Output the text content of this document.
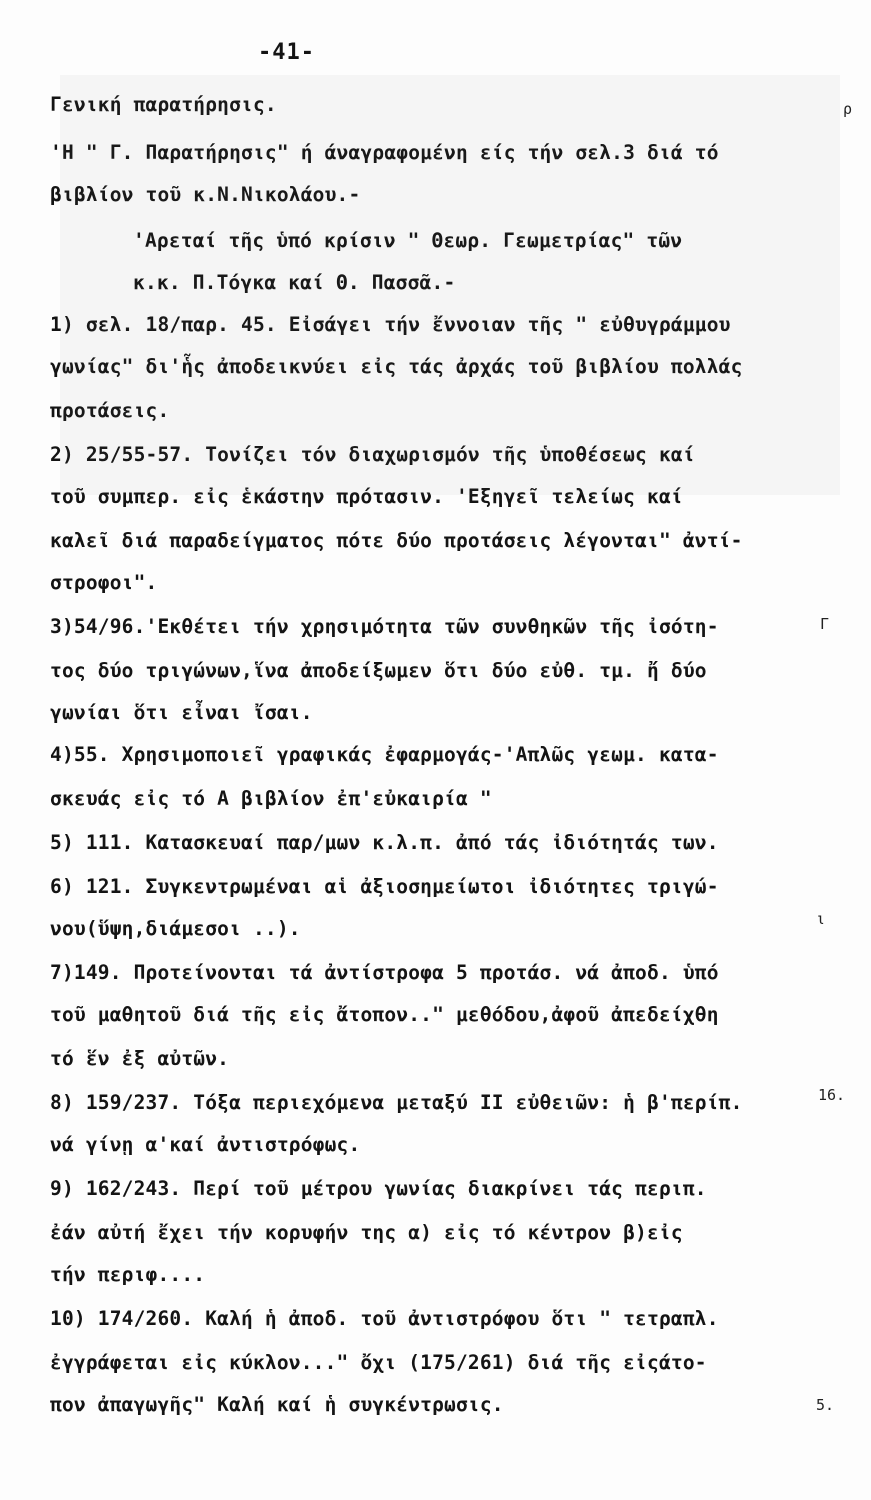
-41-
Γενική παρατήρησις.
'Η " Γ. Παρατήρησις" ή άναγραφομένη είς τήν σελ.3 διά τό
βιβλίον τοῦ κ.Ν.Νικολάου.-
'Αρεταί τῆς ὑπό κρίσιν " Θεωρ. Γεωμετρίας" τῶν
κ.κ. Π.Τόγκα καί Θ. Πασσᾶ.-
1) σελ. 18/παρ. 45. Εἰσάγει τήν ἔννοιαν τῆς " εὐθυγράμμου
γωνίας" δι'ἧς ἀποδεικνύει εἰς τάς ἀρχάς τοῦ βιβλίου πολλάς
προτάσεις.
2) 25/55-57. Τονίζει τόν διαχωρισμόν τῆς ὑποθέσεως καί
τοῦ συμπερ. εἰς ἑκάστην πρότασιν. 'Εξηγεῖ τελείως καί
καλεῖ διά παραδείγματος πότε δύο προτάσεις λέγονται" ἀντί-
στροφοι".
3)54/96.'Εκθέτει τήν χρησιμότητα τῶν συνθηκῶν τῆς ἰσότη-
τος δύο τριγώνων,ἵνα ἀποδείξωμεν ὅτι δύο εὐθ. τμ. ἤ δύο
γωνίαι ὅτι εἶναι ἴσαι.
4)55. Χρησιμοποιεῖ γραφικάς ἐφαρμογάς-'Απλῶς γεωμ. κατα-
σκευάς εἰς τό Α βιβλίον ἐπ'εὐκαιρία "
5) 111. Κατασκευαί παρ/μων κ.λ.π. ἀπό τάς ἰδιότητάς των.
6) 121. Συγκεντρωμέναι αἱ ἀξιοσημείωτοι ἰδιότητες τριγώ-
νου(ὕψη,διάμεσοι ..).
7)149. Προτείνονται τά ἀντίστροφα 5 προτάσ. νά ἀποδ. ὑπό
τοῦ μαθητοῦ διά τῆς εἰς ἄτοπον.." μεθόδου,ἀφοῦ ἀπεδείχθη
τό ἕν ἐξ αὐτῶν.
8) 159/237. Τόξα περιεχόμενα μεταξύ ΙΙ εὐθειῶν: ἡ β'περίπ.
νά γίνῃ α'καί ἀντιστρόφως.
9) 162/243. Περί τοῦ μέτρου γωνίας διακρίνει τάς περιπ.
ἐάν αὐτή ἔχει τήν κορυφήν της α) εἰς τό κέντρον β)εἰς
τήν περιφ....
10) 174/260. Καλή ἡ ἀποδ. τοῦ ἀντιστρόφου ὅτι " τετραπλ.
ἐγγράφεται εἰς κύκλον..." ὄχι (175/261) διά τῆς εἰςάτο-
πον ἀπαγωγῆς" Καλή καί ἡ συγκέντρωσις.
ρ
Γ
ι
16.
5.
